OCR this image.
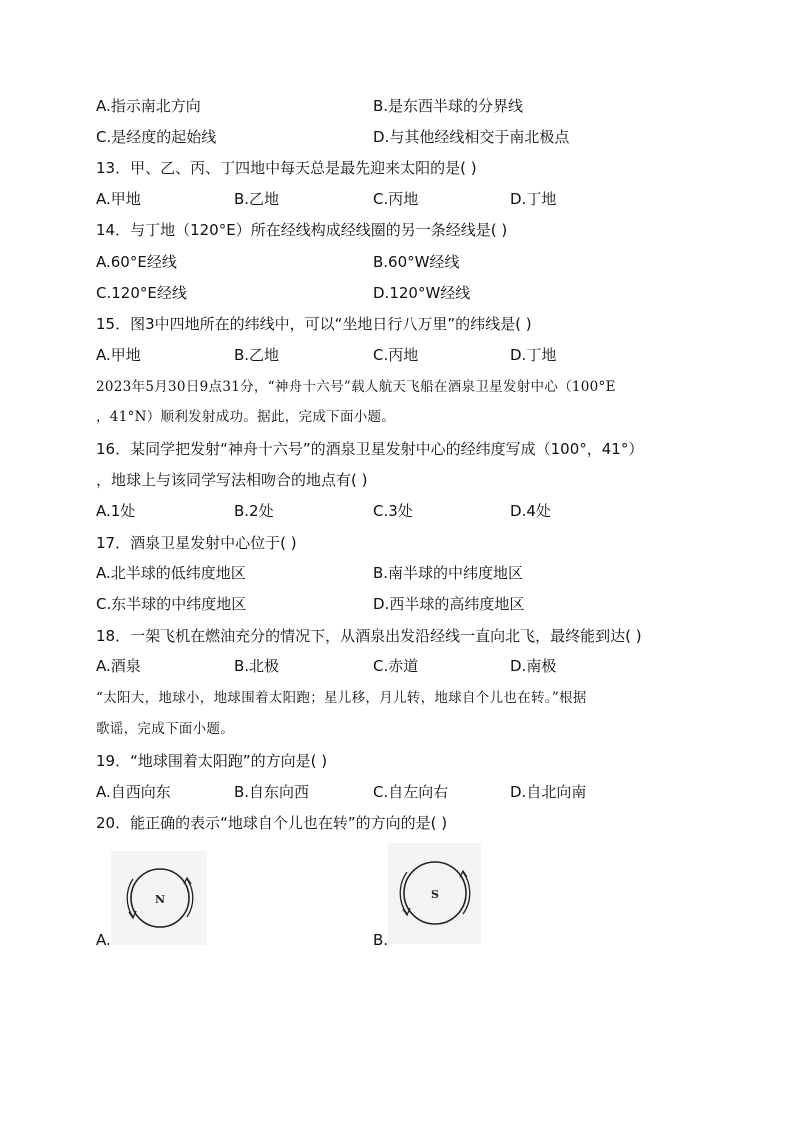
A.指示南北方向	B.是东西半球的分界线
C.是经度的起始线	D.与其他经线相交于南北极点
13．甲、乙、丙、丁四地中每天总是最先迎来太阳的是( )
A.甲地	B.乙地	C.丙地	D.丁地
14．与丁地（120°E）所在经线构成经线圈的另一条经线是( )
A.60°E经线	B.60°W经线
C.120°E经线	D.120°W经线
15．图3中四地所在的纬线中，可以“坐地日行八万里”的纬线是( )
A.甲地	B.乙地	C.丙地	D.丁地
2023年5月30日9点31分，“神舟十六号”载人航天飞船在酒泉卫星发射中心（100°E
，41°N）顺利发射成功。据此，完成下面小题。
16．某同学把发射“神舟十六号”的酒泉卫星发射中心的经纬度写成（100°，41°）
，地球上与该同学写法相吻合的地点有( )
A.1处	B.2处	C.3处	D.4处
17．酒泉卫星发射中心位于( )
A.北半球的低纬度地区	B.南半球的中纬度地区
C.东半球的中纬度地区	D.西半球的高纬度地区
18．一架飞机在燃油充分的情况下，从酒泉出发沿经线一直向北飞，最终能到达( )
A.酒泉	B.北极	C.赤道	D.南极
“太阳大，地球小，地球围着太阳跑；星儿移，月儿转，地球自个儿也在转。”根据
歌谣，完成下面小题。
19．“地球围着太阳跑”的方向是( )
A.自西向东	B.自东向西	C.自左向右	D.自北向南
20．能正确的表示“地球自个儿也在转”的方向的是( )
A.
N
B.
S
